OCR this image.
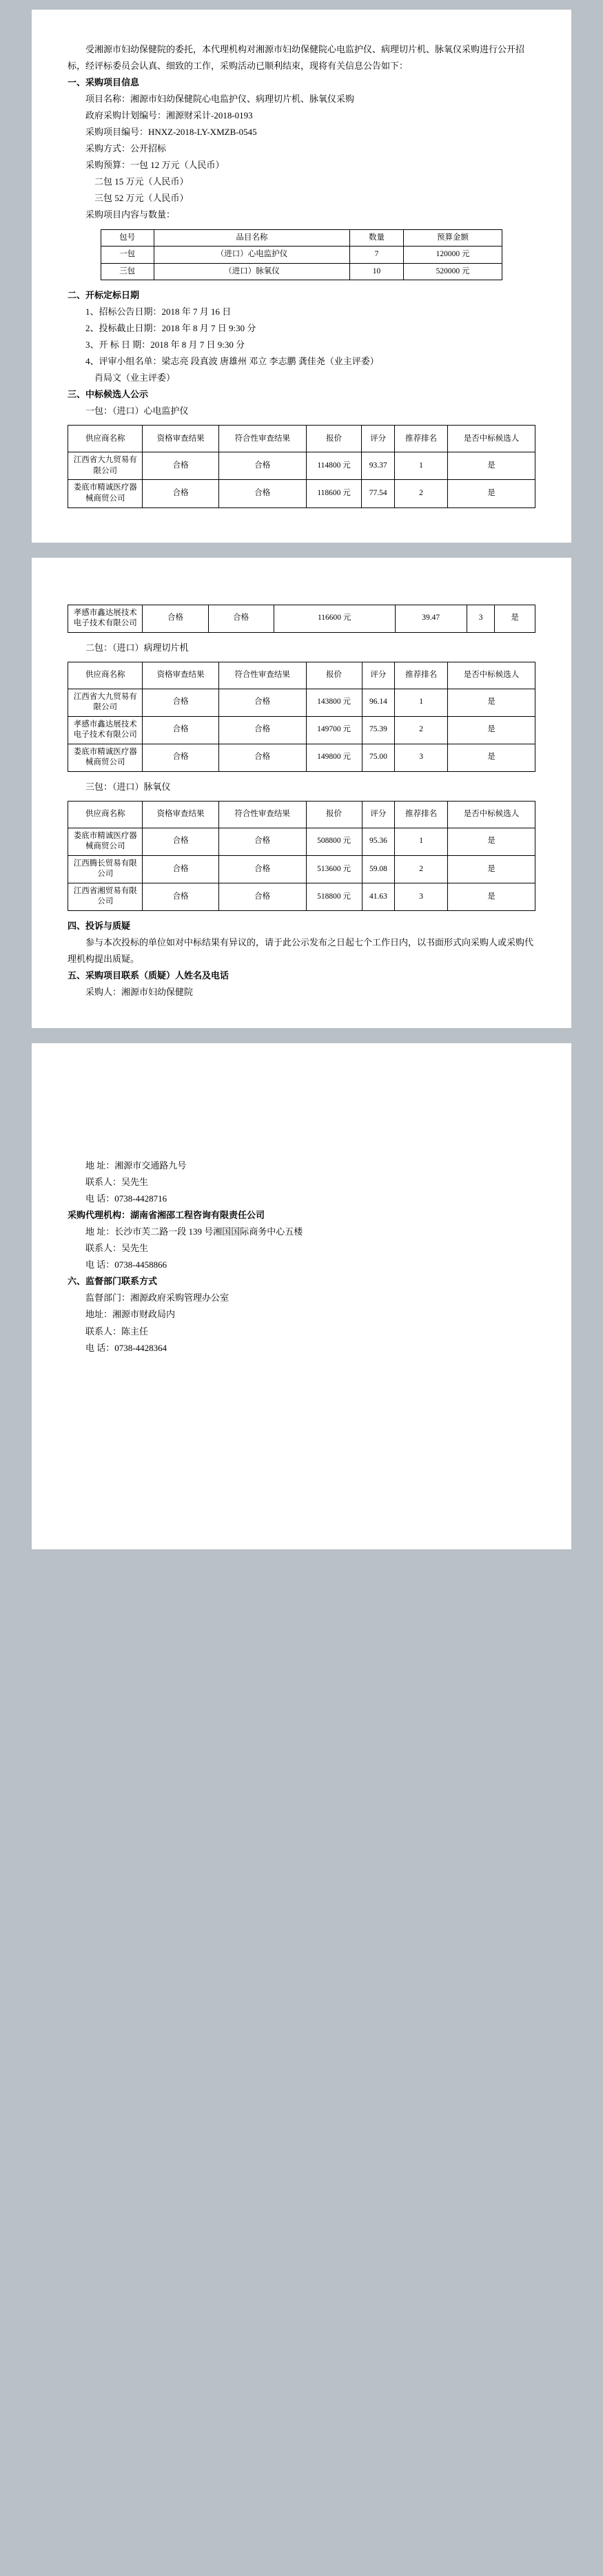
受湘源市妇幼保健院的委托，本代理机构对湘源市妇幼保健院心电监护仪、病理切片机、脉氧仪采购进行公开招标，经评标委员会认真、细致的工作，采购活动已顺利结束，现将有关信息公告如下：

一、采购项目信息

项目名称：湘源市妇幼保健院心电监护仪、病理切片机、脉氧仪采购

政府采购计划编号：湘源财采计-2018-0193

采购项目编号：HNXZ-2018-LY-XMZB-0545

采购方式：公开招标

采购预算：一包 12 万元（人民币）

二包 15 万元（人民币）

三包 52 万元（人民币）

采购项目内容与数量：

包号	品目名称	数量	预算金额
一包	（进口）心电监护仪	7	120000 元
三包	（进口）脉氧仪	10	520000 元

二、开标定标日期

1、招标公告日期：2018 年 7 月 16 日

2、投标截止日期：2018 年 8 月 7 日 9:30 分

3、开 标 日 期：2018 年 8 月 7 日 9:30 分

4、评审小组名单：梁志亮 段真波 唐雄州 邓立 李志鹏 龚佳尧（业主评委）

肖局文（业主评委）

三、中标候选人公示

一包：（进口）心电监护仪

供应商名称	资格审查结果	符合性审查结果	报价	评分	推荐排名	是否中标候选人
江西省大九贸易有限公司	合格	合格	114800 元	93.37	1	是
娄底市精诚医疗器械商贸公司	合格	合格	118600 元	77.54	2	是
孝感市鑫达展技术电子技术有限公司	合格	合格	116600 元	39.47	3	是

二包：（进口）病理切片机

供应商名称	资格审查结果	符合性审查结果	报价	评分	推荐排名	是否中标候选人
江西省大九贸易有限公司	合格	合格	143800 元	96.14	1	是
孝感市鑫达展技术电子技术有限公司	合格	合格	149700 元	75.39	2	是
娄底市精诚医疗器械商贸公司	合格	合格	149800 元	75.00	3	是

三包：（进口）脉氧仪

供应商名称	资格审查结果	符合性审查结果	报价	评分	推荐排名	是否中标候选人
娄底市精诚医疗器械商贸公司	合格	合格	508800 元	95.36	1	是
江西腾长贸易有限公司	合格	合格	513600 元	59.08	2	是
江西省湘贸易有限公司	合格	合格	518800 元	41.63	3	是

四、投诉与质疑

参与本次投标的单位如对中标结果有异议的，请于此公示发布之日起七个工作日内，以书面形式向采购人或采购代理机构提出质疑。

五、采购项目联系（质疑）人姓名及电话

采购人：湘源市妇幼保健院

地 址：湘源市交通路九号

联系人：吴先生

电 话：0738-4428716

采购代理机构：湖南省湘邵工程咨询有限责任公司

地 址：长沙市芙二路一段 139 号湘国国际商务中心五楼

联系人：吴先生

电 话：0738-4458866

六、监督部门联系方式

监督部门：湘源政府采购管理办公室

地址：湘源市财政局内

联系人：陈主任

电 话：0738-4428364
